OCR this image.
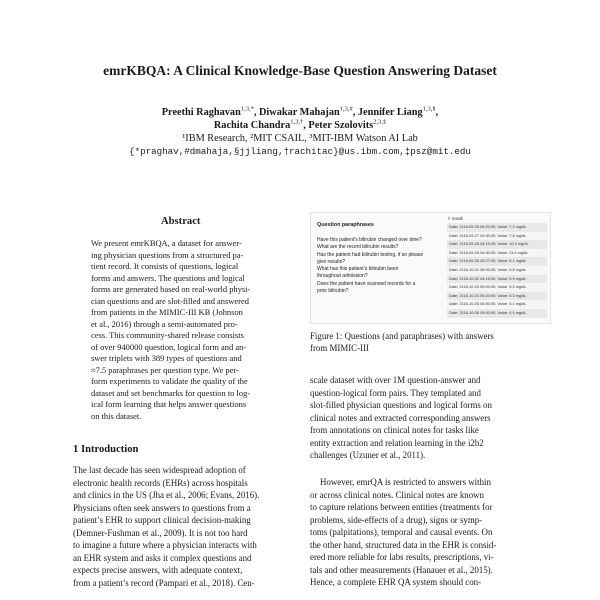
emrKBQA: A Clinical Knowledge-Base Question Answering Dataset
Preethi Raghavan$^{1,3,*}$, Diwakar Mahajan$^{1,3,\#}$, Jennifer Liang$^{1,3,\S}$,
Rachita Chandra$^{1,3,\dagger}$, Peter Szolovits$^{2,3,\ddagger}$
¹IBM Research, ²MIT CSAIL, ³MIT-IBM Watson AI Lab
{*praghav,#dmahaja,§jjliang,†rachitac}@us.ibm.com,‡psz@mit.edu
Abstract
We present emrKBQA, a dataset for answer-
ing physician questions from a structured pa-
tient record. It consists of questions, logical
forms and answers. The questions and logical
forms are generated based on real-world physi-
cian questions and are slot-filled and answered
from patients in the MIMIC-III KB (Johnson
et al., 2016) through a semi-automated pro-
cess. This community-shared release consists
of over 940000 question, logical form and an-
swer triplets with 389 types of questions and
≈7.5 paraphrases per question type. We per-
form experiments to validate the quality of the
dataset and set benchmarks for question to log-
ical form learning that helps answer questions
on this dataset.
1 Introduction
The last decade has seen widespread adoption of
electronic health records (EHRs) across hospitals
and clinics in the US (Jha et al., 2006; Evans, 2016).
Physicians often seek answers to questions from a
patient’s EHR to support clinical decision-making
(Demner-Fushman et al., 2009). It is not too hard
to imagine a future where a physician interacts with
an EHR system and asks it complex questions and
expects precise answers, with adequate context,
from a patient’s record (Pampari et al., 2018). Cen-
Question paraphrases
Have this patient’s bilirubin changed over time?
What are the recent bilirubin results?
Has the patient had bilirubin testing, if so please
give results?
What has this patient’s bilirubin been
throughout admission?
Does the patient have scanned records for a
prior bilirubin?
⇧ result
Date: 2116-09-26 04:20:00; Value: 7.3 mg/dL
Date: 2116-09-27 04:30:00; Value: 7.8 mg/dL
Date: 2116-09-28 04:15:00; Value: 10.3 mg/dL
Date: 2116-09-29 04:30:00; Value: 11.4 mg/dL
Date: 2116-09-30 05:27:00; Value: 8.1 mg/dL
Date: 2116-10-01 05:00:00; Value: 6.8 mg/dL
Date: 2116-10-02 04:15:00; Value: 5.9 mg/dL
Date: 2116-10-03 05:00:00; Value: 5.3 mg/dL
Date: 2116-10-04 05:20:00; Value: 5.3 mg/dL
Date: 2116-10-05 04:50:00; Value: 5.1 mg/dL
Date: 2116-10-06 05:00:00; Value: 4.4 mg/dL
Figure 1: Questions (and paraphrases) with answers
from MIMIC-III
scale dataset with over 1M question-answer and
question-logical form pairs. They templated and
slot-filled physician questions and logical forms on
clinical notes and extracted corresponding answers
from annotations on clinical notes for tasks like
entity extraction and relation learning in the i2b2
challenges (Uzuner et al., 2011).
However, emrQA is restricted to answers within
or across clinical notes. Clinical notes are known
to capture relations between entities (treatments for
problems, side-effects of a drug), signs or symp-
toms (palpitations), temporal and causal events. On
the other hand, structured data in the EHR is consid-
ered more reliable for labs results, prescriptions, vi-
tals and other measurements (Hanauer et al., 2015).
Hence, a complete EHR QA system should con-
